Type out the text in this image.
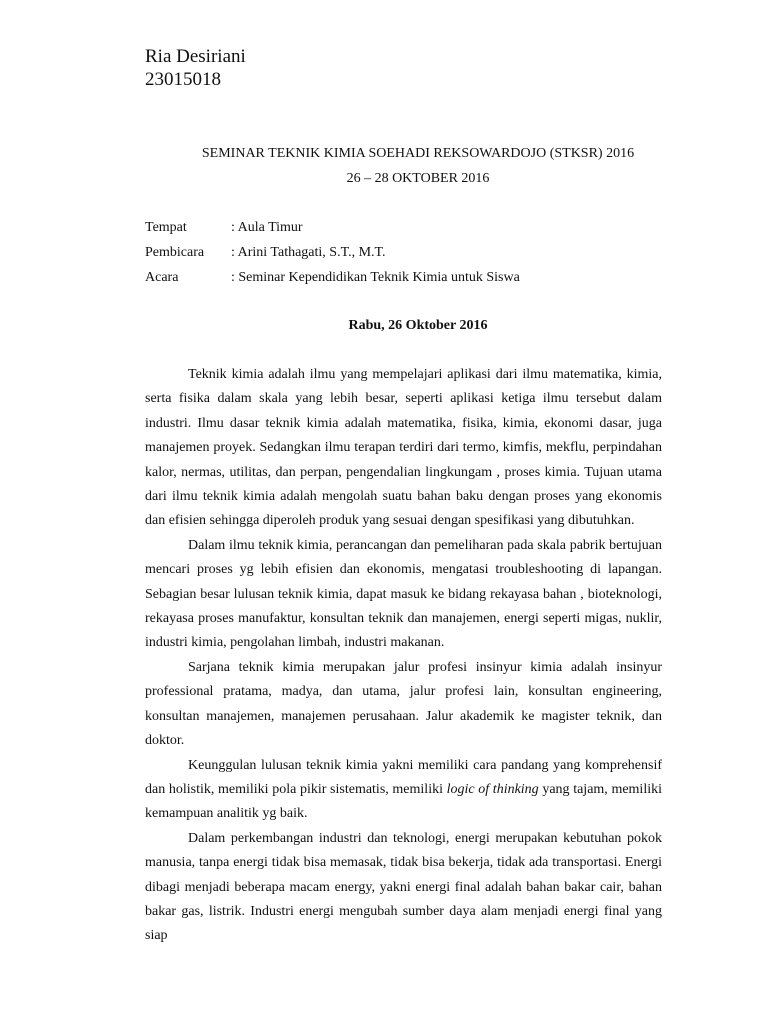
Ria Desiriani
23015018
SEMINAR TEKNIK KIMIA SOEHADI REKSOWARDOJO (STKSR) 2016
26 – 28 OKTOBER 2016
Tempat	: Aula Timur
Pembicara : Arini Tathagati, S.T., M.T.
Acara	: Seminar Kependidikan Teknik Kimia untuk Siswa
Rabu, 26 Oktober 2016

Teknik kimia adalah ilmu yang mempelajari aplikasi dari ilmu matematika, kimia, serta fisika dalam skala yang lebih besar, seperti aplikasi ketiga ilmu tersebut dalam industri. Ilmu dasar teknik kimia adalah matematika, fisika, kimia, ekonomi dasar, juga manajemen proyek. Sedangkan ilmu terapan terdiri dari termo, kimfis, mekflu, perpindahan kalor, nermas, utilitas, dan perpan, pengendalian lingkungam , proses kimia. Tujuan utama dari ilmu teknik kimia adalah mengolah suatu bahan baku dengan proses yang ekonomis dan efisien sehingga diperoleh produk yang sesuai dengan spesifikasi yang dibutuhkan.

Dalam ilmu teknik kimia, perancangan dan pemeliharan pada skala pabrik bertujuan mencari proses yg lebih efisien dan ekonomis, mengatasi troubleshooting di lapangan. Sebagian besar lulusan teknik kimia, dapat masuk ke bidang rekayasa bahan , bioteknologi, rekayasa proses manufaktur, konsultan teknik dan manajemen, energi seperti migas, nuklir, industri kimia, pengolahan limbah, industri makanan.

Sarjana teknik kimia merupakan jalur profesi insinyur kimia adalah insinyur professional pratama, madya, dan utama, jalur profesi lain, konsultan engineering, konsultan manajemen, manajemen perusahaan. Jalur akademik ke magister teknik, dan doktor.

Keunggulan lulusan teknik kimia yakni memiliki cara pandang yang komprehensif dan holistik, memiliki pola pikir sistematis, memiliki logic of thinking yang tajam, memiliki kemampuan analitik yg baik.

Dalam perkembangan industri dan teknologi, energi merupakan kebutuhan pokok manusia, tanpa energi tidak bisa memasak, tidak bisa bekerja, tidak ada transportasi. Energi dibagi menjadi beberapa macam energy, yakni energi final adalah bahan bakar cair, bahan bakar gas, listrik. Industri energi mengubah sumber daya alam menjadi energi final yang siap
